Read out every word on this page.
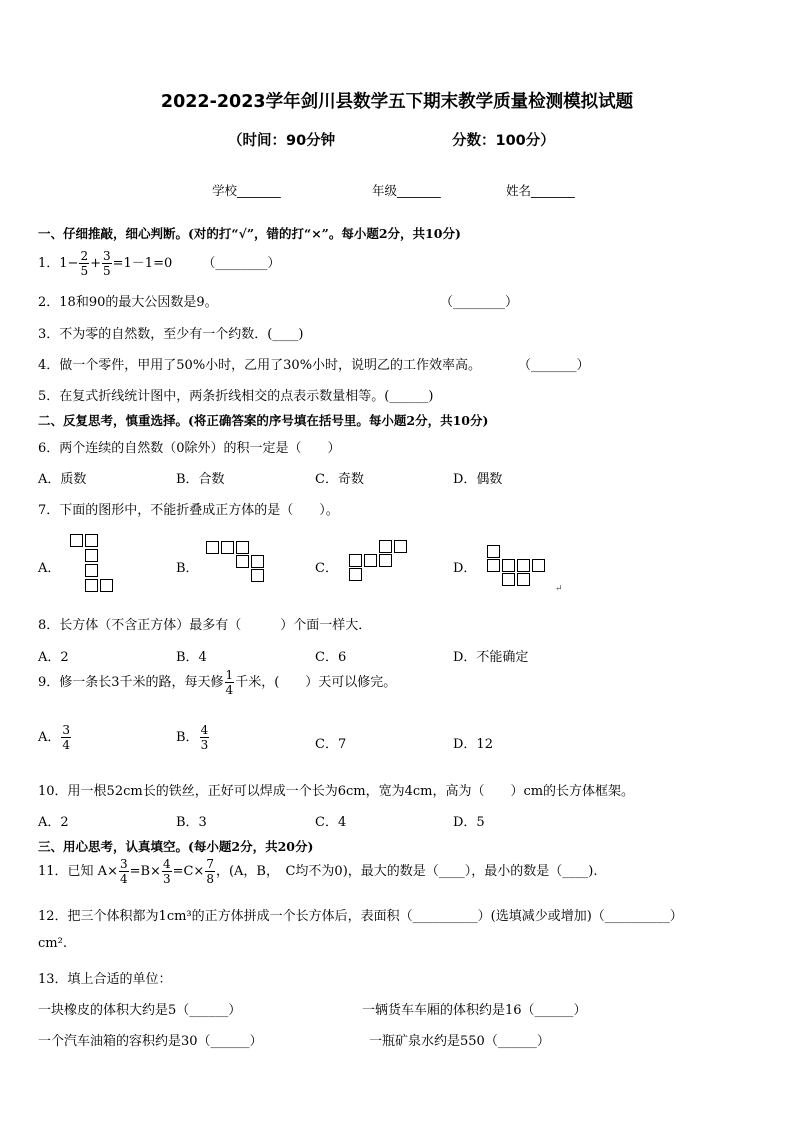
2022-2023学年剑川县数学五下期末教学质量检测模拟试题
（时间：90分钟	分数：100分）
学校_______	年级_______	姓名_______
一、仔细推敲，细心判断。(对的打“√”，错的打“×”。每小题2分，共10分)
1．$1- \frac{2}{5} + \frac{3}{5} =1-1=0$ （________）
2．18和90的最大公因数是9。	（________）
3．不为零的自然数，至少有一个约数．(____)
4．做一个零件，甲用了50%小时，乙用了30%小时，说明乙的工作效率高。	（_______）
5．在复式折线统计图中，两条折线相交的点表示数量相等。(______)
二、反复思考，慎重选择。(将正确答案的序号填在括号里。每小题2分，共10分)
6．两个连续的自然数（0除外）的积一定是（　　）
A．质数	B．合数	C．奇数	D．偶数
7．下面的图形中，不能折叠成正方体的是（　　）。
A．	B．	C．	D．
↵
8．长方体（不含正方体）最多有（　　　）个面一样大．
A．2	B．4	C．6	D．不能确定
9．修一条长3千米的路，每天修 $\frac{1}{4}$ 千米，(　　）天可以修完。
A． $\frac{3}{4}$	B． $\frac{4}{3}$	C．7	D．12
10．用一根52cm长的铁丝，正好可以焊成一个长为6cm，宽为4cm，高为（　　）cm的长方体框架。
A．2	B．3	C．4	D．5
三、用心思考，认真填空。(每小题2分，共20分)
11．已知 $A\times \frac{3}{4} =B\times \frac{4}{3} =C\times \frac{7}{8}$ ，(A，B，　C均不为0)，最大的数是（____），最小的数是（____).
12．把三个体积都为1cm³的正方体拼成一个长方体后，表面积（__________）(选填减少或增加)（__________）
cm².
13．填上合适的单位：
一块橡皮的体积大约是5（______）	一辆货车车厢的体积约是16（______）
一个汽车油箱的容积约是30（______）	一瓶矿泉水约是550（______）
